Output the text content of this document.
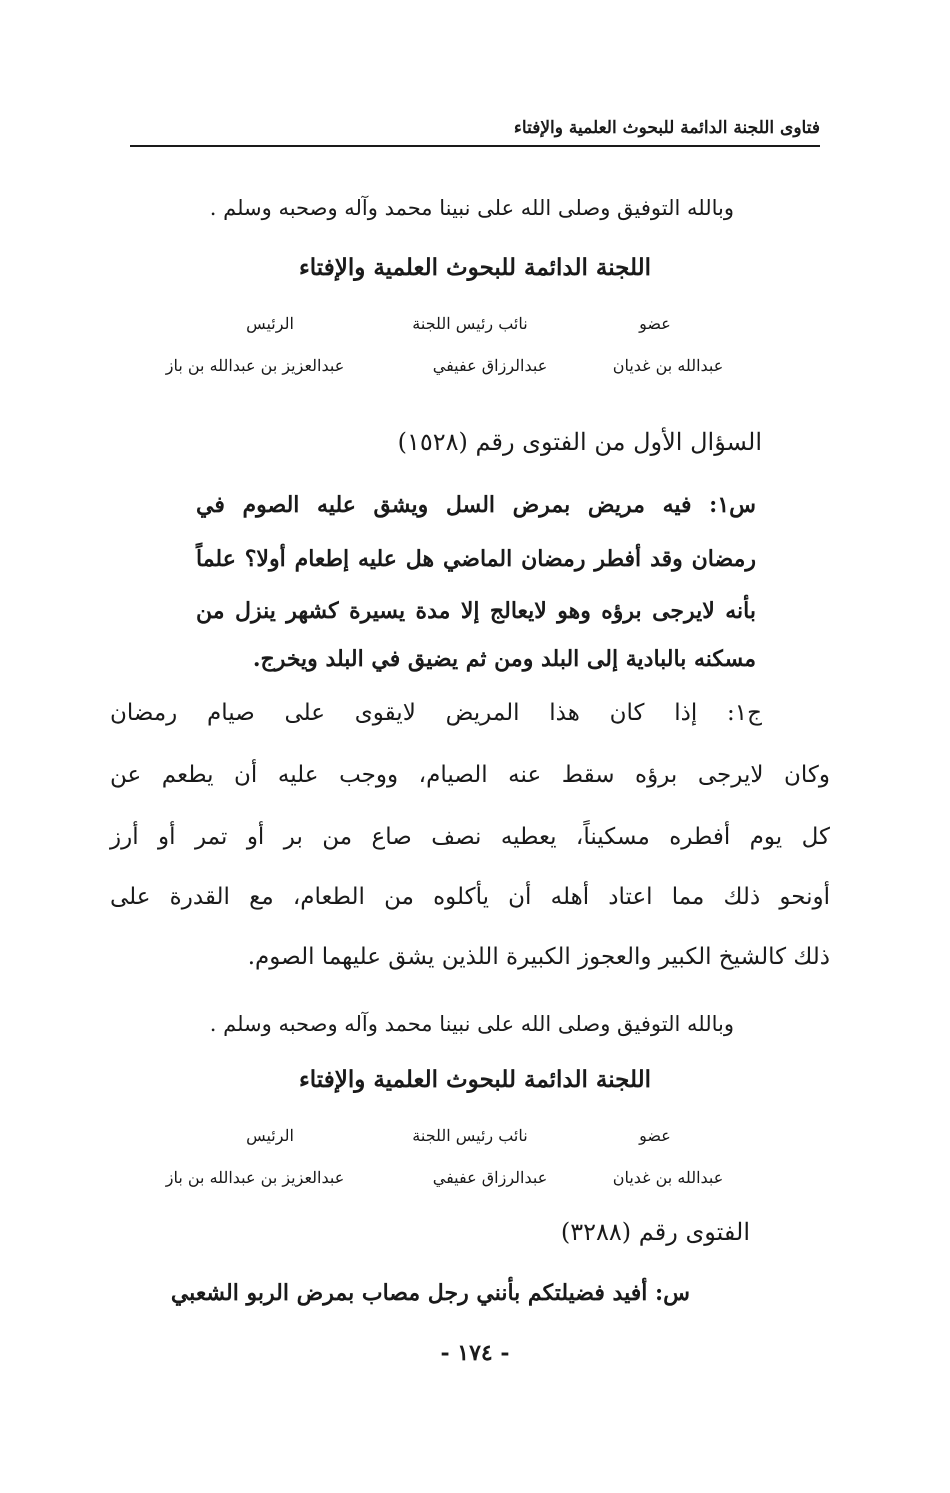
فتاوى اللجنة الدائمة للبحوث العلمية والإفتاء
وبالله التوفيق وصلى الله على نبينا محمد وآله وصحبه وسلم .
اللجنة الدائمة للبحوث العلمية والإفتاء
عضو
نائب رئيس اللجنة
الرئيس
عبدالله بن غديان
عبدالرزاق عفيفي
عبدالعزيز بن عبدالله بن باز
السؤال الأول من الفتوى رقم (١٥٢٨)
س١: فيه مريض بمرض السل ويشق عليه الصوم في
رمضان وقد أفطر رمضان الماضي هل عليه إطعام أولا؟ علماً
بأنه لايرجى برؤه وهو لايعالج إلا مدة يسيرة كشهر ينزل من
مسكنه بالبادية إلى البلد ومن ثم يضيق في البلد ويخرج.
ج١: إذا كان هذا المريض لايقوى على صيام رمضان
وكان لايرجى برؤه سقط عنه الصيام، ووجب عليه أن يطعم عن
كل يوم أفطره مسكيناً، يعطيه نصف صاع من بر أو تمر أو أرز
أونحو ذلك مما اعتاد أهله أن يأكلوه من الطعام، مع القدرة على
ذلك كالشيخ الكبير والعجوز الكبيرة اللذين يشق عليهما الصوم.
وبالله التوفيق وصلى الله على نبينا محمد وآله وصحبه وسلم .
اللجنة الدائمة للبحوث العلمية والإفتاء
عضو
نائب رئيس اللجنة
الرئيس
عبدالله بن غديان
عبدالرزاق عفيفي
عبدالعزيز بن عبدالله بن باز
الفتوى رقم (٣٢٨٨)
س: أفيد فضيلتكم بأنني رجل مصاب بمرض الربو الشعبي
- ١٧٤ -
